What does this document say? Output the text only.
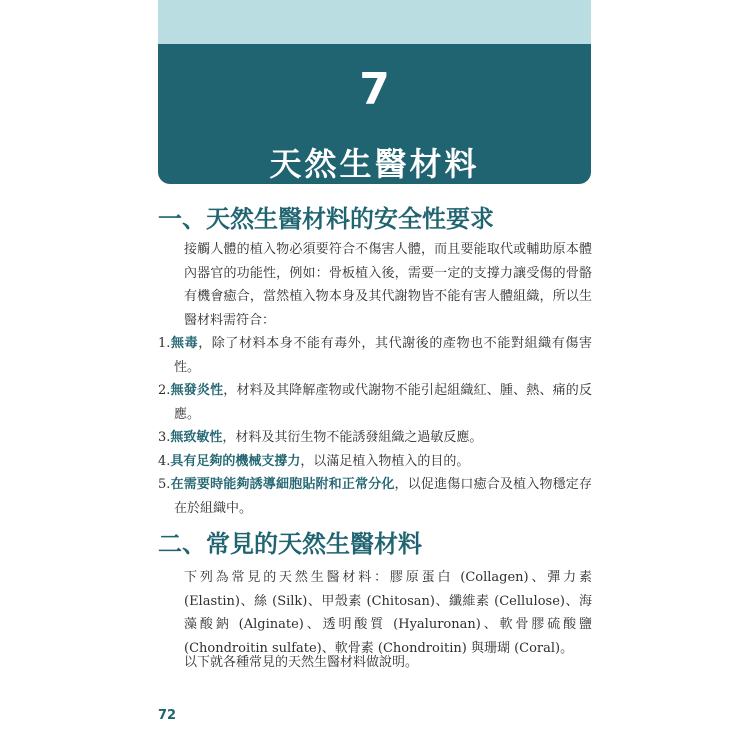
7
天然生醫材料
一、天然生醫材料的安全性要求
接觸人體的植入物必須要符合不傷害人體，而且要能取代或輔助原本體內器官的功能性，例如：骨板植入後，需要一定的支撐力讓受傷的骨骼有機會癒合，當然植入物本身及其代謝物皆不能有害人體組織，所以生醫材料需符合：
1.無毒，除了材料本身不能有毒外，其代謝後的產物也不能對組織有傷害性。
2.無發炎性，材料及其降解產物或代謝物不能引起組織紅、腫、熱、痛的反應。
3.無致敏性，材料及其衍生物不能誘發組織之過敏反應。
4.具有足夠的機械支撐力，以滿足植入物植入的目的。
5.在需要時能夠誘導細胞貼附和正常分化，以促進傷口癒合及植入物穩定存在於組織中。
二、常見的天然生醫材料
下列為常見的天然生醫材料：膠原蛋白 (Collagen)、彈力素 (Elastin)、絲 (Silk)、甲殼素 (Chitosan)、纖維素 (Cellulose)、海藻酸鈉 (Alginate)、透明酸質 (Hyaluronan)、軟骨膠硫酸鹽 (Chondroitin sulfate)、軟骨素 (Chondroitin) 與珊瑚 (Coral)。
以下就各種常見的天然生醫材料做說明。
72
